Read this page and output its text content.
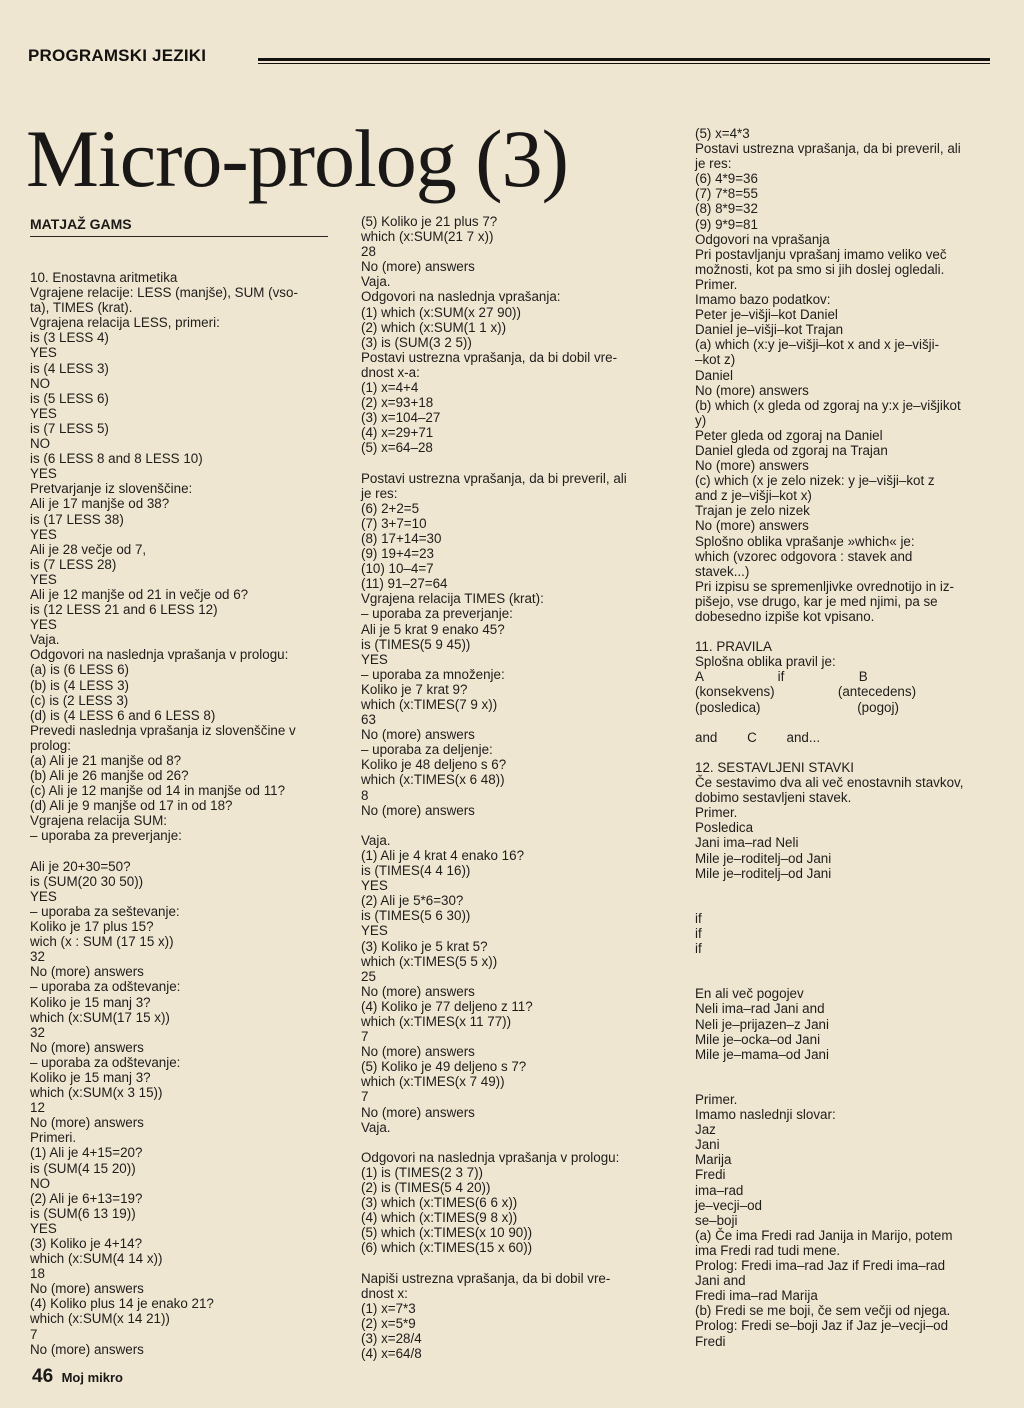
PROGRAMSKI JEZIKI
Micro-prolog (3)
MATJAŽ GAMS
10. Enostavna aritmetika
Vgrajene relacije: LESS (manjše), SUM (vso-
ta), TIMES (krat).
Vgrajena relacija LESS, primeri:
is (3 LESS 4)
YES
is (4 LESS 3)
NO
is (5 LESS 6)
YES
is (7 LESS 5)
NO
is (6 LESS 8 and 8 LESS 10)
YES
Pretvarjanje iz slovenščine:
Ali je 17 manjše od 38?
is (17 LESS 38)
YES
Ali je 28 večje od 7,
is (7 LESS 28)
YES
Ali je 12 manjše od 21 in večje od 6?
is (12 LESS 21 and 6 LESS 12)
YES
Vaja.
Odgovori na naslednja vprašanja v prologu:
(a) is (6 LESS 6)
(b) is (4 LESS 3)
(c) is (2 LESS 3)
(d) is (4 LESS 6 and 6 LESS 8)
Prevedi naslednja vprašanja iz slovenščine v
prolog:
(a) Ali je 21 manjše od 8?
(b) Ali je 26 manjše od 26?
(c) Ali je 12 manjše od 14 in manjše od 11?
(d) Ali je 9 manjše od 17 in od 18?
Vgrajena relacija SUM:
– uporaba za preverjanje:
Ali je 20+30=50?
is (SUM(20 30 50))
YES
– uporaba za seštevanje:
Koliko je 17 plus 15?
wich (x : SUM (17 15 x))
32
No (more) answers
– uporaba za odštevanje:
Koliko je 15 manj 3?
which (x:SUM(17 15 x))
32
No (more) answers
– uporaba za odštevanje:
Koliko je 15 manj 3?
which (x:SUM(x 3 15))
12
No (more) answers
Primeri.
(1) Ali je 4+15=20?
is (SUM(4 15 20))
NO
(2) Ali je 6+13=19?
is (SUM(6 13 19))
YES
(3) Koliko je 4+14?
which (x:SUM(4 14 x))
18
No (more) answers
(4) Koliko plus 14 je enako 21?
which (x:SUM(x 14 21))
7
No (more) answers
(5) Koliko je 21 plus 7?
which (x:SUM(21 7 x))
28
No (more) answers
Vaja.
Odgovori na naslednja vprašanja:
(1) which (x:SUM(x 27 90))
(2) which (x:SUM(1 1 x))
(3) is (SUM(3 2 5))
Postavi ustrezna vprašanja, da bi dobil vre-
dnost x-a:
(1) x=4+4
(2) x=93+18
(3) x=104–27
(4) x=29+71
(5) x=64–28
Postavi ustrezna vprašanja, da bi preveril, ali
je res:
(6) 2+2=5
(7) 3+7=10
(8) 17+14=30
(9) 19+4=23
(10) 10–4=7
(11) 91–27=64
Vgrajena relacija TIMES (krat):
– uporaba za preverjanje:
Ali je 5 krat 9 enako 45?
is (TIMES(5 9 45))
YES
– uporaba za množenje:
Koliko je 7 krat 9?
which (x:TIMES(7 9 x))
63
No (more) answers
– uporaba za deljenje:
Koliko je 48 deljeno s 6?
which (x:TIMES(x 6 48))
8
No (more) answers
Vaja.
(1) Ali je 4 krat 4 enako 16?
is (TIMES(4 4 16))
YES
(2) Ali je 5*6=30?
is (TIMES(5 6 30))
YES
(3) Koliko je 5 krat 5?
which (x:TIMES(5 5 x))
25
No (more) answers
(4) Koliko je 77 deljeno z 11?
which (x:TIMES(x 11 77))
7
No (more) answers
(5) Koliko je 49 deljeno s 7?
which (x:TIMES(x 7 49))
7
No (more) answers
Vaja.
Odgovori na naslednja vprašanja v prologu:
(1) is (TIMES(2 3 7))
(2) is (TIMES(5 4 20))
(3) which (x:TIMES(6 6 x))
(4) which (x:TIMES(9 8 x))
(5) which (x:TIMES(x 10 90))
(6) which (x:TIMES(15 x 60))
Napiši ustrezna vprašanja, da bi dobil vre-
dnost x:
(1) x=7*3
(2) x=5*9
(3) x=28/4
(4) x=64/8
(5) x=4*3
Postavi ustrezna vprašanja, da bi preveril, ali
je res:
(6) 4*9=36
(7) 7*8=55
(8) 8*9=32
(9) 9*9=81
Odgovori na vprašanja
Pri postavljanju vprašanj imamo veliko več
možnosti, kot pa smo si jih doslej ogledali.
Primer.
Imamo bazo podatkov:
Peter je–višji–kot Daniel
Daniel je–višji–kot Trajan
(a) which (x:y je–višji–kot x and x je–višji-
–kot z)
Daniel
No (more) answers
(b) which (x gleda od zgoraj na y:x je–višjikot
y)
Peter gleda od zgoraj na Daniel
Daniel gleda od zgoraj na Trajan
No (more) answers
(c) which (x je zelo nizek: y je–višji–kot z
and z je–višji–kot x)
Trajan je zelo nizek
No (more) answers
Splošno oblika vprašanje »which« je:
which (vzorec odgovora : stavek and
stavek...)
Pri izpisu se spremenljivke ovrednotijo in iz-
pišejo, vse drugo, kar je med njimi, pa se
dobesedno izpiše kot vpisano.
11. PRAVILA
Splošna oblika pravil je:
A                    if                    B
(konsekvens)                 (antecedens)
(posledica)                          (pogoj)
and        C        and...
12. SESTAVLJENI STAVKI
Če sestavimo dva ali več enostavnih stavkov,
dobimo sestavljeni stavek.
Primer.
Posledica
Jani ima–rad Neli
Mile je–roditelj–od Jani
Mile je–roditelj–od Jani
if
if
if
En ali več pogojev
Neli ima–rad Jani and
Neli je–prijazen–z Jani
Mile je–ocka–od Jani
Mile je–mama–od Jani
Primer.
Imamo naslednji slovar:
Jaz
Jani
Marija
Fredi
ima–rad
je–vecji–od
se–boji
(a) Če ima Fredi rad Janija in Marijo, potem
ima Fredi rad tudi mene.
Prolog: Fredi ima–rad Jaz if Fredi ima–rad
Jani and
Fredi ima–rad Marija
(b) Fredi se me boji, če sem večji od njega.
Prolog: Fredi se–boji Jaz if Jaz je–vecji–od
Fredi
46 Moj mikro
